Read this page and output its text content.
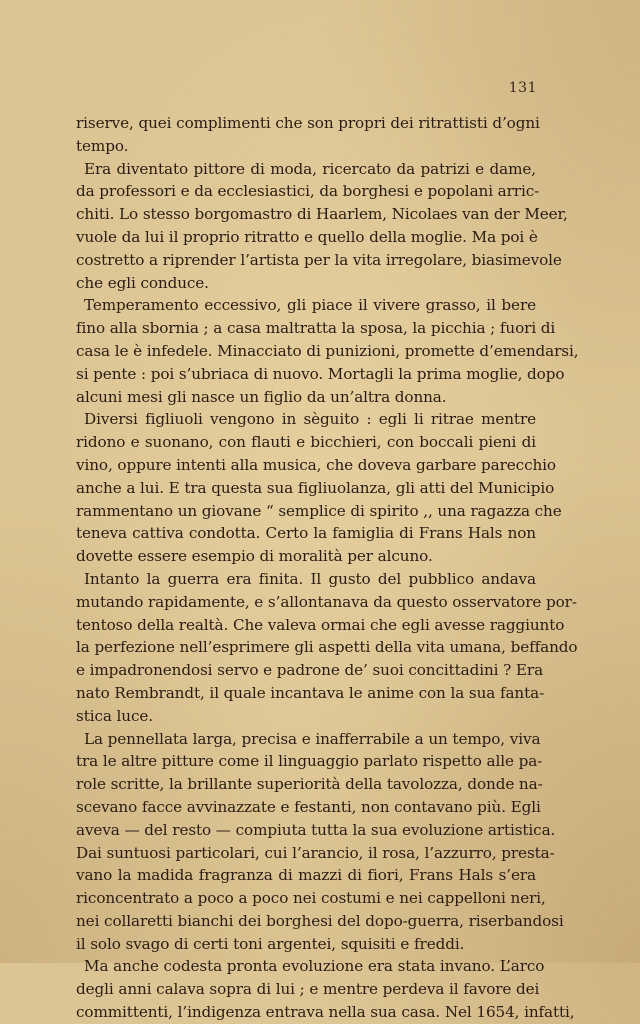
131

riserve, quei complimenti che son propri dei ritrattisti d’ogni
tempo.

Era diventato pittore di moda, ricercato da patrizi e dame,
da professori e da ecclesiastici, da borghesi e popolani arric-
chiti. Lo stesso borgomastro di Haarlem, Nicolaes van der Meer,
vuole da lui il proprio ritratto e quello della moglie. Ma poi è
costretto a riprender l’artista per la vita irregolare, biasimevole
che egli conduce.

Temperamento eccessivo, gli piace il vivere grasso, il bere
fino alla sbornia ; a casa maltratta la sposa, la picchia ; fuori di
casa le è infedele. Minacciato di punizioni, promette d’emendarsi,
si pente : poi s’ubriaca di nuovo. Mortagli la prima moglie, dopo
alcuni mesi gli nasce un figlio da un’altra donna.

Diversi figliuoli vengono in sèguito : egli li ritrae mentre
ridono e suonano, con flauti e bicchieri, con boccali pieni di
vino, oppure intenti alla musica, che doveva garbare parecchio
anche a lui. E tra questa sua figliuolanza, gli atti del Municipio
rammentano un giovane “ semplice di spirito ,, una ragazza che
teneva cattiva condotta. Certo la famiglia di Frans Hals non
dovette essere esempio di moralità per alcuno.

Intanto la guerra era finita. Il gusto del pubblico andava
mutando rapidamente, e s’allontanava da questo osservatore por-
tentoso della realtà. Che valeva ormai che egli avesse raggiunto
la perfezione nell’esprimere gli aspetti della vita umana, beffando
e impadronendosi servo e padrone de’ suoi concittadini ? Era
nato Rembrandt, il quale incantava le anime con la sua fanta-
stica luce.

La pennellata larga, precisa e inafferrabile a un tempo, viva
tra le altre pitture come il linguaggio parlato rispetto alle pa-
role scritte, la brillante superiorità della tavolozza, donde na-
scevano facce avvinazzate e festanti, non contavano più. Egli
aveva — del resto — compiuta tutta la sua evoluzione artistica.
Dai suntuosi particolari, cui l’arancio, il rosa, l’azzurro, presta-
vano la madida fragranza di mazzi di fiori, Frans Hals s’era
riconcentrato a poco a poco nei costumi e nei cappelloni neri,
nei collaretti bianchi dei borghesi del dopo-guerra, riserbandosi
il solo svago di certi toni argentei, squisiti e freddi.

Ma anche codesta pronta evoluzione era stata invano. L’arco
degli anni calava sopra di lui ; e mentre perdeva il favore dei
committenti, l’indigenza entrava nella sua casa. Nel 1654, infatti,
